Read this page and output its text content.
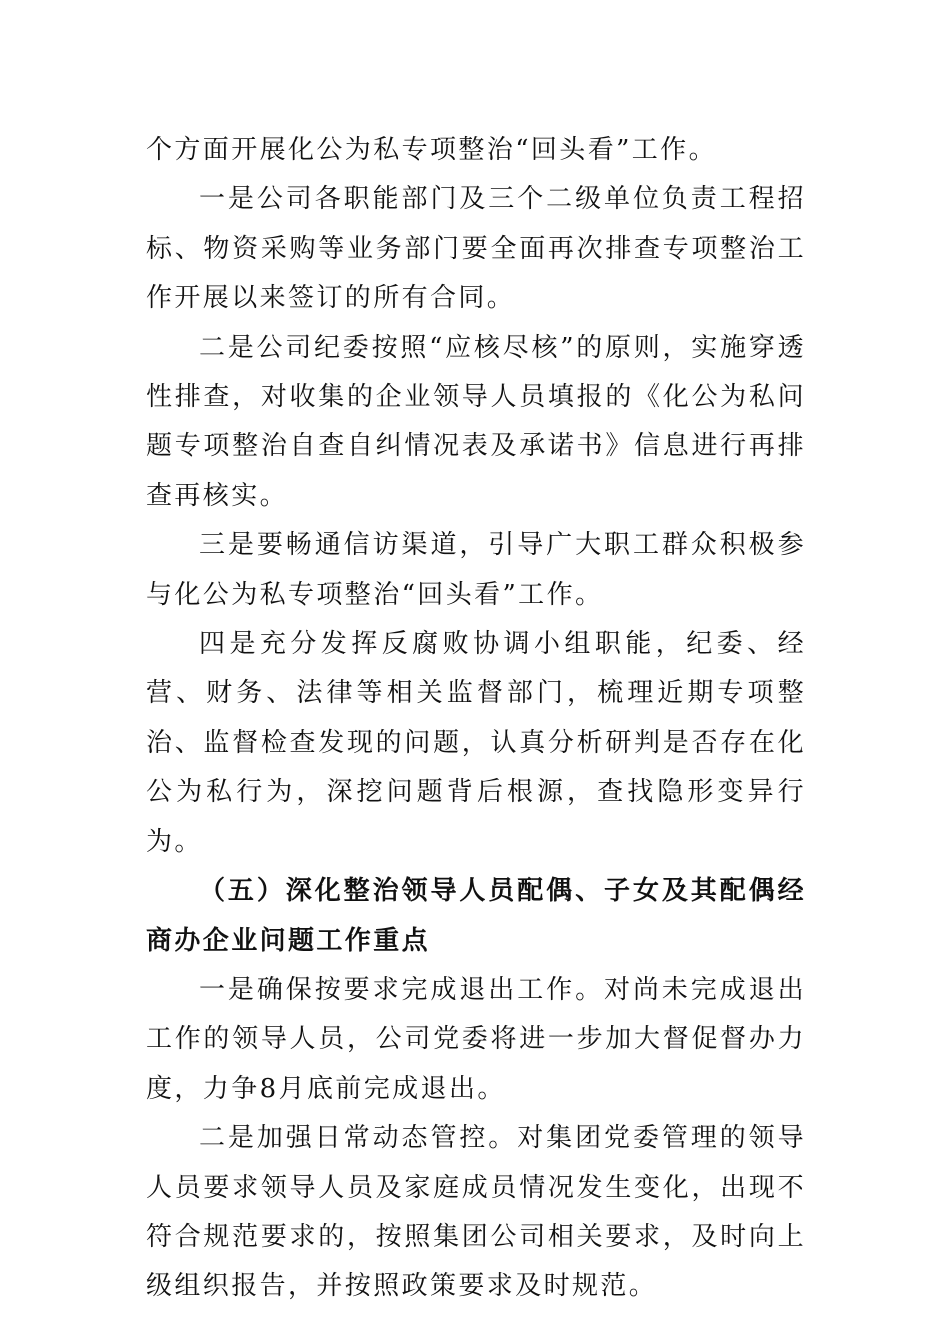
个方面开展化公为私专项整治“回头看”工作。

一是公司各职能部门及三个二级单位负责工程招标、物资采购等业务部门要全面再次排查专项整治工作开展以来签订的所有合同。

二是公司纪委按照“应核尽核”的原则，实施穿透性排查，对收集的企业领导人员填报的《化公为私问题专项整治自查自纠情况表及承诺书》信息进行再排查再核实。

三是要畅通信访渠道，引导广大职工群众积极参与化公为私专项整治“回头看”工作。

四是充分发挥反腐败协调小组职能，纪委、经营、财务、法律等相关监督部门，梳理近期专项整治、监督检查发现的问题，认真分析研判是否存在化公为私行为，深挖问题背后根源，查找隐形变异行为。

（五）深化整治领导人员配偶、子女及其配偶经商办企业问题工作重点

一是确保按要求完成退出工作。对尚未完成退出工作的领导人员，公司党委将进一步加大督促督办力度，力争8月底前完成退出。

二是加强日常动态管控。对集团党委管理的领导人员要求领导人员及家庭成员情况发生变化，出现不符合规范要求的，按照集团公司相关要求，及时向上级组织报告，并按照政策要求及时规范。
